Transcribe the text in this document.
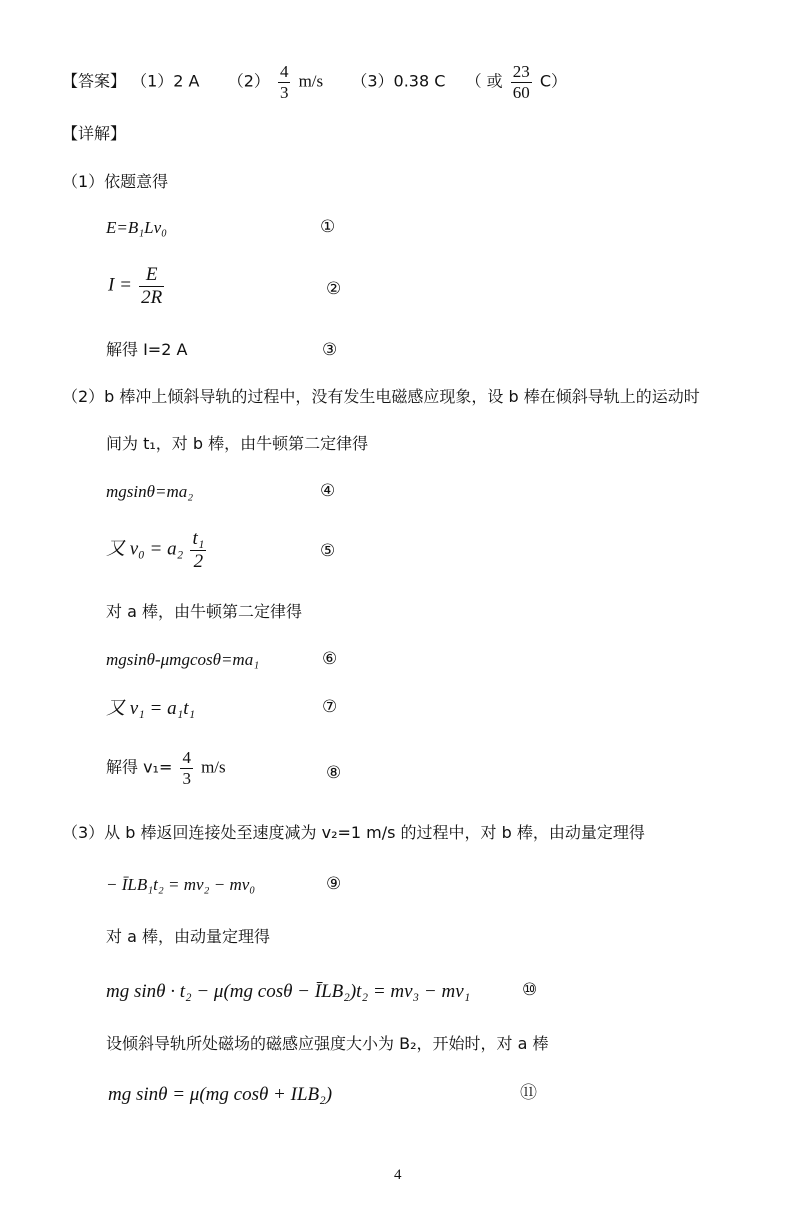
【答案】 （1）2 A $(2) \frac{4}{3} m/s$ （3）0.38 C （ 或 $\frac{23}{60} C$）
【详解】
（1）依题意得
E=B₁Lv₀	①
$I = \frac{E}{2R}$	②
解得 I=2 A	③
（2）b 棒冲上倾斜导轨的过程中，没有发生电磁感应现象，设 b 棒在倾斜导轨上的运动时
间为 t₁，对 b 棒，由牛顿第二定律得
mgsinθ=ma₂	④
又 $v_0 = a_2 \frac{\text{t₁}}{2}$	⑤
对 a 棒，由牛顿第二定律得
mgsinθ-μmgcosθ=ma₁	⑥
又 v₁ = a₁t₁	⑦
解得 $v_1= \frac{4}{3} m/s$	⑧
（3）从 b 棒返回连接处至速度减为 v₂=1 m/s 的过程中，对 b 棒，由动量定理得
− ĪLB₁t₂ = mv₂ − mv₀	⑨
对 a 棒，由动量定理得
mg sinθ · t₂ − μ(mg cosθ − ĪLB₂)t₂ = mv₃ − mv₁	⑩
设倾斜导轨所处磁场的磁感应强度大小为 B₂，开始时，对 a 棒
mg sinθ = μ(mg cosθ + ILB₂)	⑪
4
